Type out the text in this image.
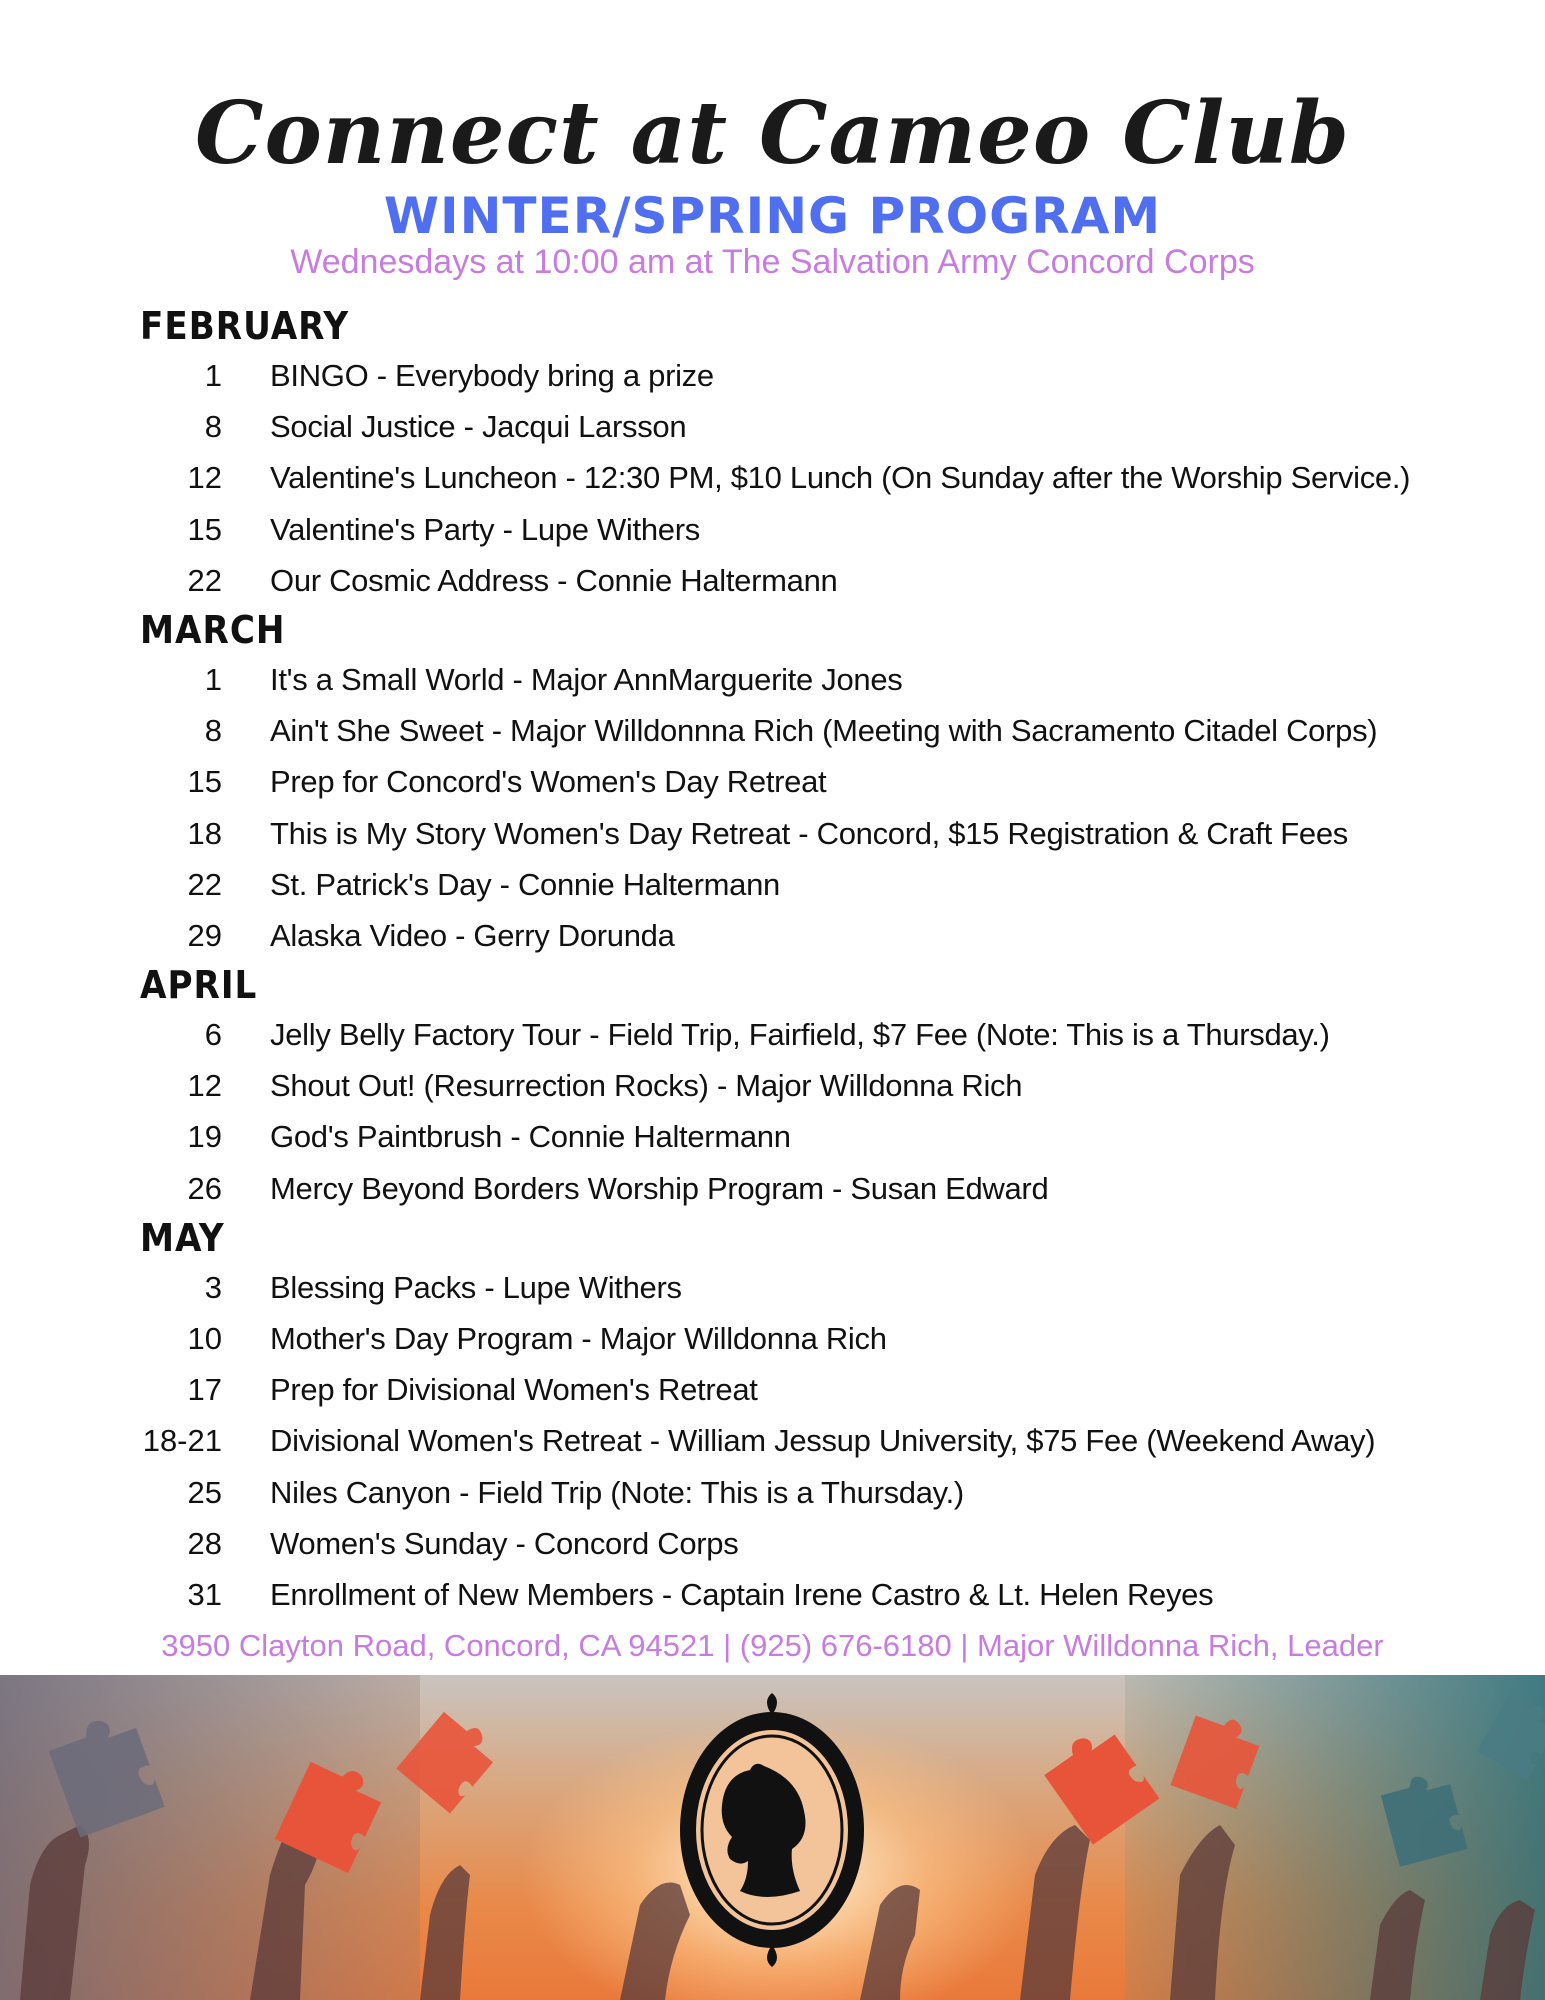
Connect at Cameo Club
WINTER/SPRING PROGRAM

Wednesdays at 10:00 am at The Salvation Army Concord Corps

FEBRUARY
1 BINGO - Everybody bring a prize
8 Social Justice - Jacqui Larsson
12 Valentine's Luncheon - 12:30 PM, $10 Lunch (On Sunday after the Worship Service.)
15 Valentine's Party - Lupe Withers
22 Our Cosmic Address - Connie Haltermann
MARCH
1 It's a Small World - Major AnnMarguerite Jones
8 Ain't She Sweet - Major Willdonnna Rich (Meeting with Sacramento Citadel Corps)
15 Prep for Concord's Women's Day Retreat
18 This is My Story Women's Day Retreat - Concord, $15 Registration & Craft Fees
22 St. Patrick's Day - Connie Haltermann
29 Alaska Video - Gerry Dorunda
APRIL
6 Jelly Belly Factory Tour - Field Trip, Fairfield, $7 Fee (Note: This is a Thursday.)
12 Shout Out! (Resurrection Rocks) - Major Willdonna Rich
19 God's Paintbrush - Connie Haltermann
26 Mercy Beyond Borders Worship Program - Susan Edward
MAY
3 Blessing Packs - Lupe Withers
10 Mother's Day Program - Major Willdonna Rich
17 Prep for Divisional Women's Retreat
18-21 Divisional Women's Retreat - William Jessup University, $75 Fee (Weekend Away)
25 Niles Canyon - Field Trip (Note: This is a Thursday.)
28 Women's Sunday - Concord Corps
31 Enrollment of New Members - Captain Irene Castro & Lt. Helen Reyes
3950 Clayton Road, Concord, CA 94521 | (925) 676-6180 | Major Willdonna Rich, Leader
